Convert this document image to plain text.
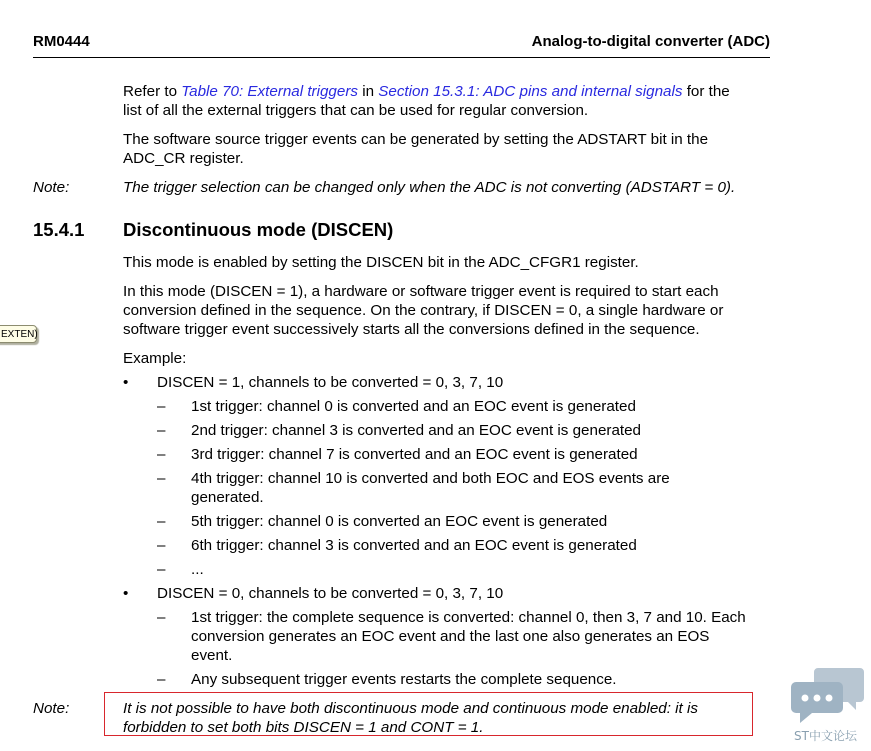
RM0444	Analog-to-digital converter (ADC)
Refer to Table 70: External triggers in Section 15.3.1: ADC pins and internal signals for the
list of all the external triggers that can be used for regular conversion.
The software source trigger events can be generated by setting the ADSTART bit in the
ADC_CR register.
Note:	The trigger selection can be changed only when the ADC is not converting (ADSTART = 0).
15.4.1 Discontinuous mode (DISCEN)
This mode is enabled by setting the DISCEN bit in the ADC_CFGR1 register.
In this mode (DISCEN = 1), a hardware or software trigger event is required to start each
conversion defined in the sequence. On the contrary, if DISCEN = 0, a single hardware or
software trigger event successively starts all the conversions defined in the sequence.
EXTEN)
Example:
• DISCEN = 1, channels to be converted = 0, 3, 7, 10
– 1st trigger: channel 0 is converted and an EOC event is generated
– 2nd trigger: channel 3 is converted and an EOC event is generated
– 3rd trigger: channel 7 is converted and an EOC event is generated
– 4th trigger: channel 10 is converted and both EOC and EOS events are
generated.
– 5th trigger: channel 0 is converted an EOC event is generated
– 6th trigger: channel 3 is converted and an EOC event is generated
– ...
• DISCEN = 0, channels to be converted = 0, 3, 7, 10
– 1st trigger: the complete sequence is converted: channel 0, then 3, 7 and 10. Each
conversion generates an EOC event and the last one also generates an EOS
event.
– Any subsequent trigger events restarts the complete sequence.
Note:	It is not possible to have both discontinuous mode and continuous mode enabled: it is
forbidden to set both bits DISCEN = 1 and CONT = 1.	ST中文论坛
